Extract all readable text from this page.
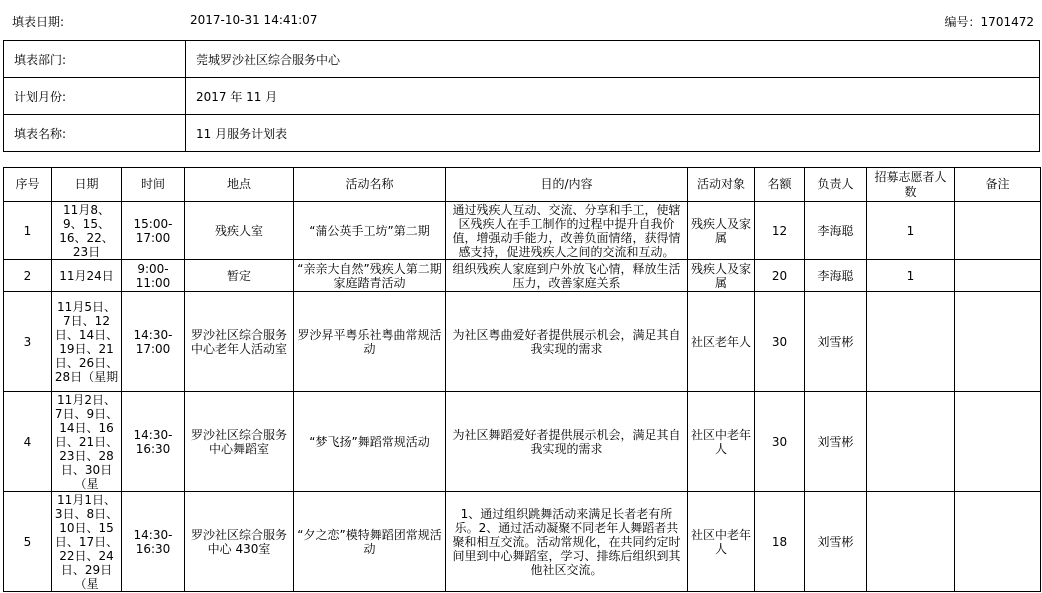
填表日期:	2017-10-31 14:41:07	编号：1701472
填表部门:	莞城罗沙社区综合服务中心
计划月份:	2017 年 11 月
填表名称:	11 月服务计划表
序号	日期	时间	地点	活动名称	目的/内容	活动对象	名额	负责人	招募志愿者人数	备注
1	11月8、9、15、16、22、23日	15:00-17:00	残疾人室	“蒲公英手工坊”第二期	通过残疾人互动、交流、分享和手工，使辖区残疾人在手工制作的过程中提升自我价值，增强动手能力，改善负面情绪，获得情感支持，促进残疾人之间的交流和互动。	残疾人及家属	12	李海聪	1	
2	11月24日	9:00-11:00	暂定	“亲亲大自然”残疾人第二期家庭踏青活动	组织残疾人家庭到户外放飞心情，释放生活压力，改善家庭关系	残疾人及家属	20	李海聪	1	
3	11月5日、7日、12日、14日、19日、21日、26日、28日（星期	14:30-17:00	罗沙社区综合服务中心老年人活动室	罗沙昇平粤乐社粤曲常规活动	为社区粤曲爱好者提供展示机会，满足其自我实现的需求	社区老年人	30	刘雪彬		
4	11月2日、7日、9日、14日、16日、21日、23日、28日、30日（星	14:30-16:30	罗沙社区综合服务中心舞蹈室	“梦飞扬”舞蹈常规活动	为社区舞蹈爱好者提供展示机会，满足其自我实现的需求	社区中老年人	30	刘雪彬		
5	11月1日、3日、8日、10日、15日、17日、22日、24日、29日（星	14:30-16:30	罗沙社区综合服务中心 430室	“夕之恋”模特舞蹈团常规活动	1、通过组织跳舞活动来满足长者老有所乐。2、通过活动凝聚不同老年人舞蹈者共聚和相互交流。活动常规化，在共同约定时间里到中心舞蹈室，学习、排练后组织到其他社区交流。	社区中老年人	18	刘雪彬		
